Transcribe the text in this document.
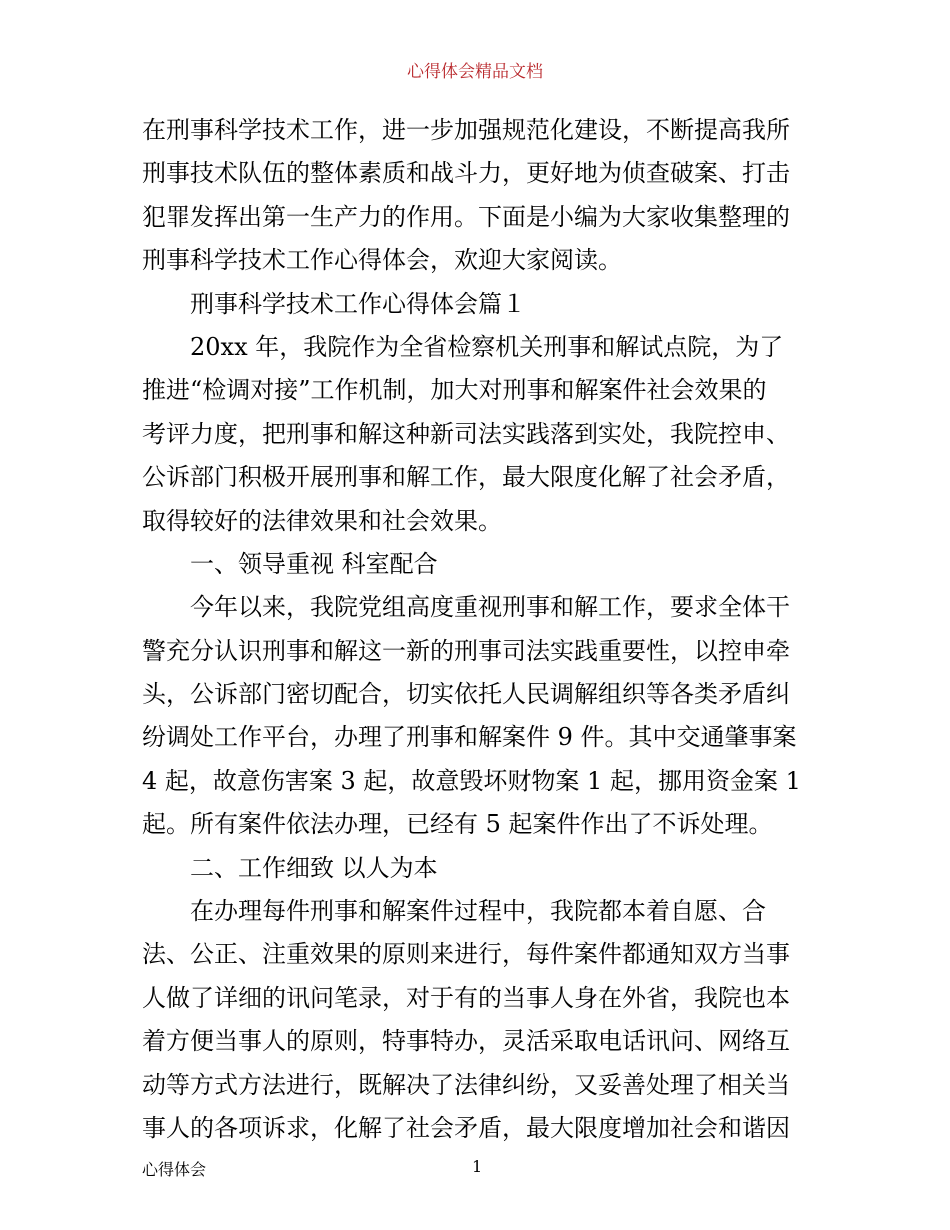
心得体会精品文档
在刑事科学技术工作，进一步加强规范化建设，不断提高我所
刑事技术队伍的整体素质和战斗力，更好地为侦查破案、打击
犯罪发挥出第一生产力的作用。下面是小编为大家收集整理的
刑事科学技术工作心得体会，欢迎大家阅读。
刑事科学技术工作心得体会篇１
20xx 年，我院作为全省检察机关刑事和解试点院，为了
推进“检调对接”工作机制，加大对刑事和解案件社会效果的
考评力度，把刑事和解这种新司法实践落到实处，我院控申、
公诉部门积极开展刑事和解工作，最大限度化解了社会矛盾，
取得较好的法律效果和社会效果。
一、领导重视 科室配合
今年以来，我院党组高度重视刑事和解工作，要求全体干
警充分认识刑事和解这一新的刑事司法实践重要性，以控申牵
头，公诉部门密切配合，切实依托人民调解组织等各类矛盾纠
纷调处工作平台，办理了刑事和解案件 9 件。其中交通肇事案
4 起，故意伤害案 3 起，故意毁坏财物案 1 起，挪用资金案 1
起。所有案件依法办理，已经有 5 起案件作出了不诉处理。
二、工作细致 以人为本
在办理每件刑事和解案件过程中，我院都本着自愿、合
法、公正、注重效果的原则来进行，每件案件都通知双方当事
人做了详细的讯问笔录，对于有的当事人身在外省，我院也本
着方便当事人的原则，特事特办，灵活采取电话讯问、网络互
动等方式方法进行，既解决了法律纠纷，又妥善处理了相关当
事人的各项诉求，化解了社会矛盾，最大限度增加社会和谐因
心得体会	1
